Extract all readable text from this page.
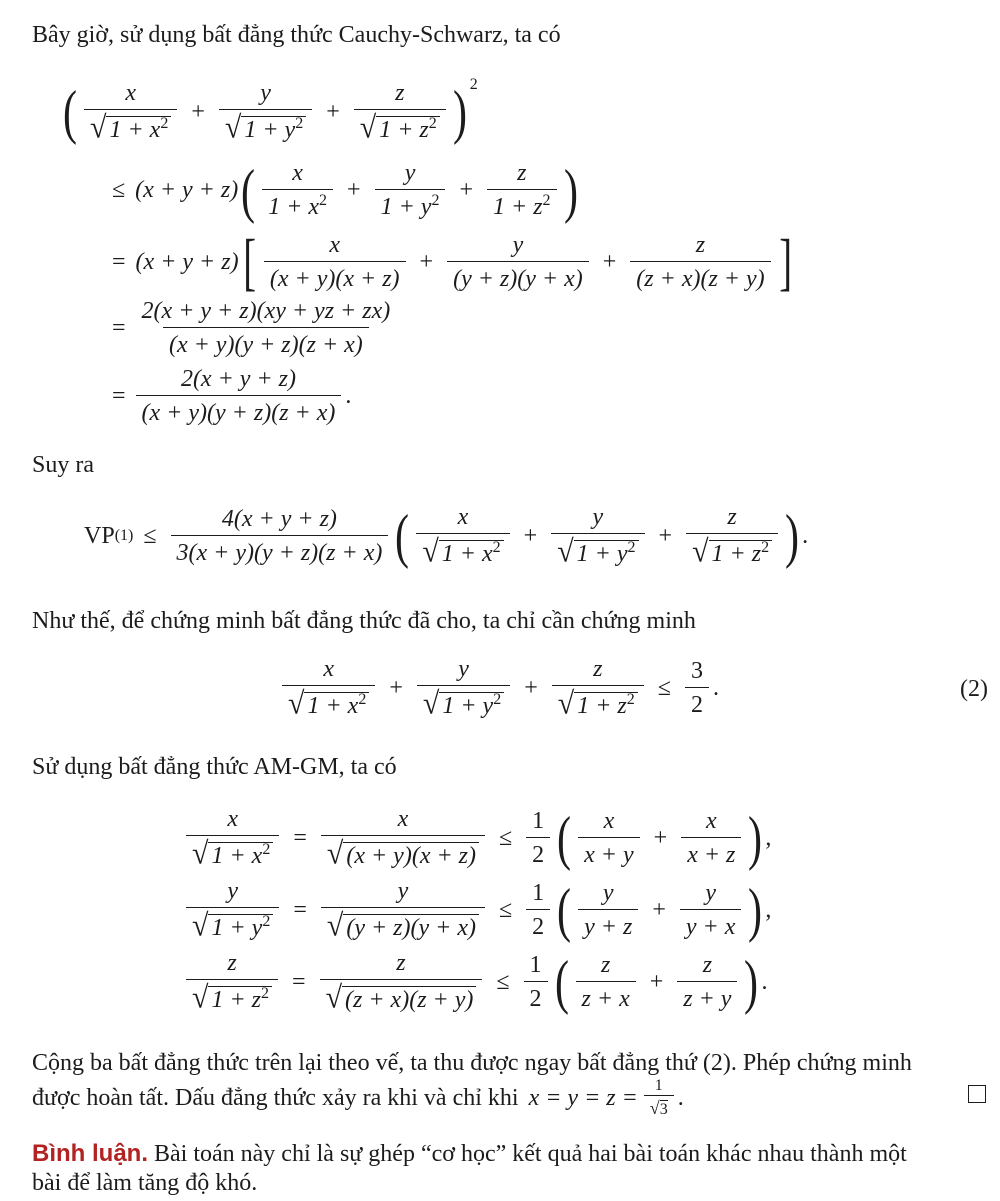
Bây giờ, sử dụng bất đẳng thức Cauchy-Schwarz, ta có
( $\frac{x}{√ 1 + x^2} + \frac{y}{√ 1 + y^2} + \frac{z}{√ 1 + z^2}$ ) 2
≤ (x + y + z) ( $\frac{x}{1 + x^2} + \frac{y}{1 + y^2} + \frac{z}{1 + z^2}$ )
= (x + y + z) [ $\frac{x}{(x + y)(x + z)} + \frac{y}{(y + z)(y + x)} + \frac{z}{(z + x)(z + y)}$ ]
= $\frac{2(x + y + z)(xy + yz + zx)}{(x + y)(y + z)(z + x)}$
= $\frac{2(x + y + z)}{(x + y)(y + z)(z + x)}$ .
Suy ra
VP $(1) \le \frac{4(x + y + z)}{3(x + y)(y + z)(z + x)}$ ( $\frac{x}{√ 1 + x^2} + \frac{y}{√ 1 + y^2} + \frac{z}{√ 1 + z^2}$ ) .
Như thế, để chứng minh bất đẳng thức đã cho, ta chỉ cần chứng minh
$\frac{x}{√ 1 + x^2} + \frac{y}{√ 1 + y^2} + \frac{z}{√ 1 + z^2} \le \frac{3}{2}$ .	(2)
Sử dụng bất đẳng thức AM-GM, ta có
$\frac{x}{√ 1 + x^2} = \frac{x}{√ (x + y)(x + z)} \le \frac{1}{2}$ ( $\frac{x}{x + y} + \frac{x}{x + z}$ ) ,
$\frac{y}{√ 1 + y^2} = \frac{y}{√ (y + z)(y + x)} \le \frac{1}{2}$ ( $\frac{y}{y + z} + \frac{y}{y + x}$ ) ,
$\frac{z}{√ 1 + z^2} = \frac{z}{√ (z + x)(z + y)} \le \frac{1}{2}$ ( $\frac{z}{z + x} + \frac{z}{z + y}$ ) .
Cộng ba bất đẳng thức trên lại theo vế, ta thu được ngay bất đẳng thứ (2). Phép chứng minh
được hoàn tất. Dấu đẳng thức xảy ra khi và chỉ khi $x = y = z = \frac{1}{√3}$ .
Bình luận. Bài toán này chỉ là sự ghép “cơ học” kết quả hai bài toán khác nhau thành một
bài để làm tăng độ khó.
